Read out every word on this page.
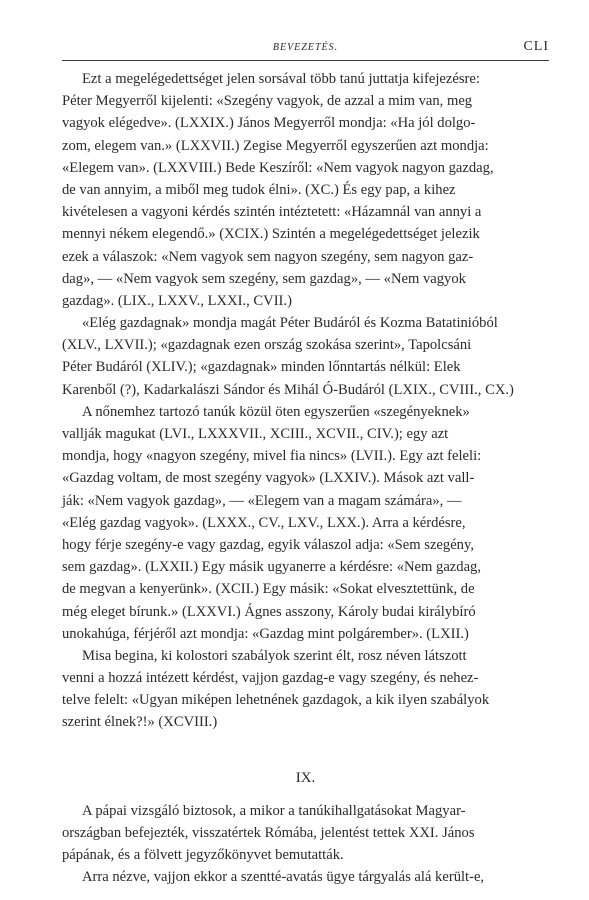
BEVEZETÉS.	CLI
Ezt a megelégedettséget jelen sorsával több tanú juttatja kifejezésre:
Péter Megyerről kijelenti: «Szegény vagyok, de azzal a mim van, meg
vagyok elégedve». (LXXIX.) János Megyerről mondja: «Ha jól dolgo-
zom, elegem van.» (LXXVII.) Zegise Megyerről egyszerűen azt mondja:
«Elegem van». (LXXVIII.) Bede Keszíről: «Nem vagyok nagyon gazdag,
de van annyim, a miből meg tudok élni». (XC.) És egy pap, a kihez
kivételesen a vagyoni kérdés szintén intéztetett: «Házamnál van annyi a
mennyi nékem elegendő.» (XCIX.) Szintén a megelégedettséget jelezik
ezek a válaszok: «Nem vagyok sem nagyon szegény, sem nagyon gaz-
dag», — «Nem vagyok sem szegény, sem gazdag», — «Nem vagyok
gazdag». (LIX., LXXV., LXXI., CVII.)
«Elég gazdagnak» mondja magát Péter Budáról és Kozma Batatinióból
(XLV., LXVII.); «gazdagnak ezen ország szokása szerint», Tapolcsáni
Péter Budáról (XLIV.); «gazdagnak» minden lőnntartás nélkül: Elek
Karenből (?), Kadarkalászi Sándor és Mihál Ó-Budáról (LXIX., CVIII., CX.)
A nőnemhez tartozó tanúk közül öten egyszerűen «szegényeknek»
vallják magukat (LVI., LXXXVII., XCIII., XCVII., CIV.); egy azt
mondja, hogy «nagyon szegény, mivel fia nincs» (LVII.). Egy azt feleli:
«Gazdag voltam, de most szegény vagyok» (LXXIV.). Mások azt vall-
ják: «Nem vagyok gazdag», — «Elegem van a magam számára», —
«Elég gazdag vagyok». (LXXX., CV., LXV., LXX.). Arra a kérdésre,
hogy férje szegény-e vagy gazdag, egyik válaszol adja: «Sem szegény,
sem gazdag». (LXXII.) Egy másik ugyanerre a kérdésre: «Nem gazdag,
de megvan a kenyerünk». (XCII.) Egy másik: «Sokat elvesztettünk, de
még eleget bírunk.» (LXXVI.) Ágnes asszony, Károly budai királybíró
unokahúga, férjéről azt mondja: «Gazdag mint polgárember». (LXII.)
Misa begina, ki kolostori szabályok szerint élt, rosz néven látszott
venni a hozzá intézett kérdést, vajjon gazdag-e vagy szegény, és nehez-
telve felelt: «Ugyan miképen lehetnének gazdagok, a kik ilyen szabályok
szerint élnek?!» (XCVIII.)
IX.
A pápai vizsgáló biztosok, a mikor a tanúkihallgatásokat Magyar-
országban befejezték, visszatértek Rómába, jelentést tettek XXI. János
pápának, és a fölvett jegyzőkönyvet bemutatták.
Arra nézve, vajjon ekkor a szentté-avatás ügye tárgyalás alá került-e,
